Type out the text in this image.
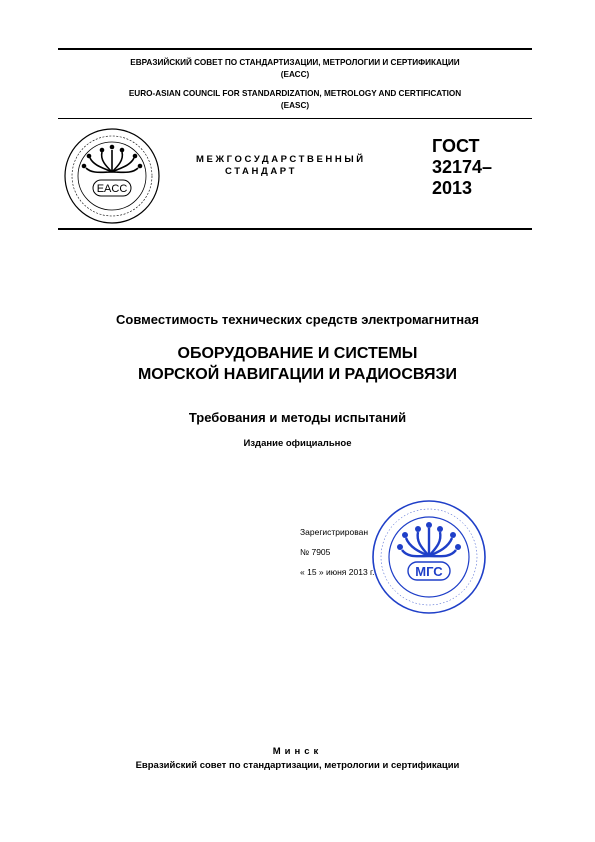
ЕВРАЗИЙСКИЙ СОВЕТ ПО СТАНДАРТИЗАЦИИ, МЕТРОЛОГИИ И СЕРТИФИКАЦИИ
(ЕАСС)
EURO-ASIAN COUNCIL FOR STANDARDIZATION, METROLOGY AND CERTIFICATION
(EASC)
EACC
МЕЖГОСУДАРСТВЕННЫЙ
СТАНДАРТ
ГОСТ
32174–
2013
Совместимость технических средств электромагнитная
ОБОРУДОВАНИЕ И СИСТЕМЫ
МОРСКОЙ НАВИГАЦИИ И РАДИОСВЯЗИ
Требования и методы испытаний
Издание официальное
МГС
Зарегистрирован
№ 7905
« 15 » июня 2013 г.
Минск
Евразийский совет по стандартизации, метрологии и сертификации
